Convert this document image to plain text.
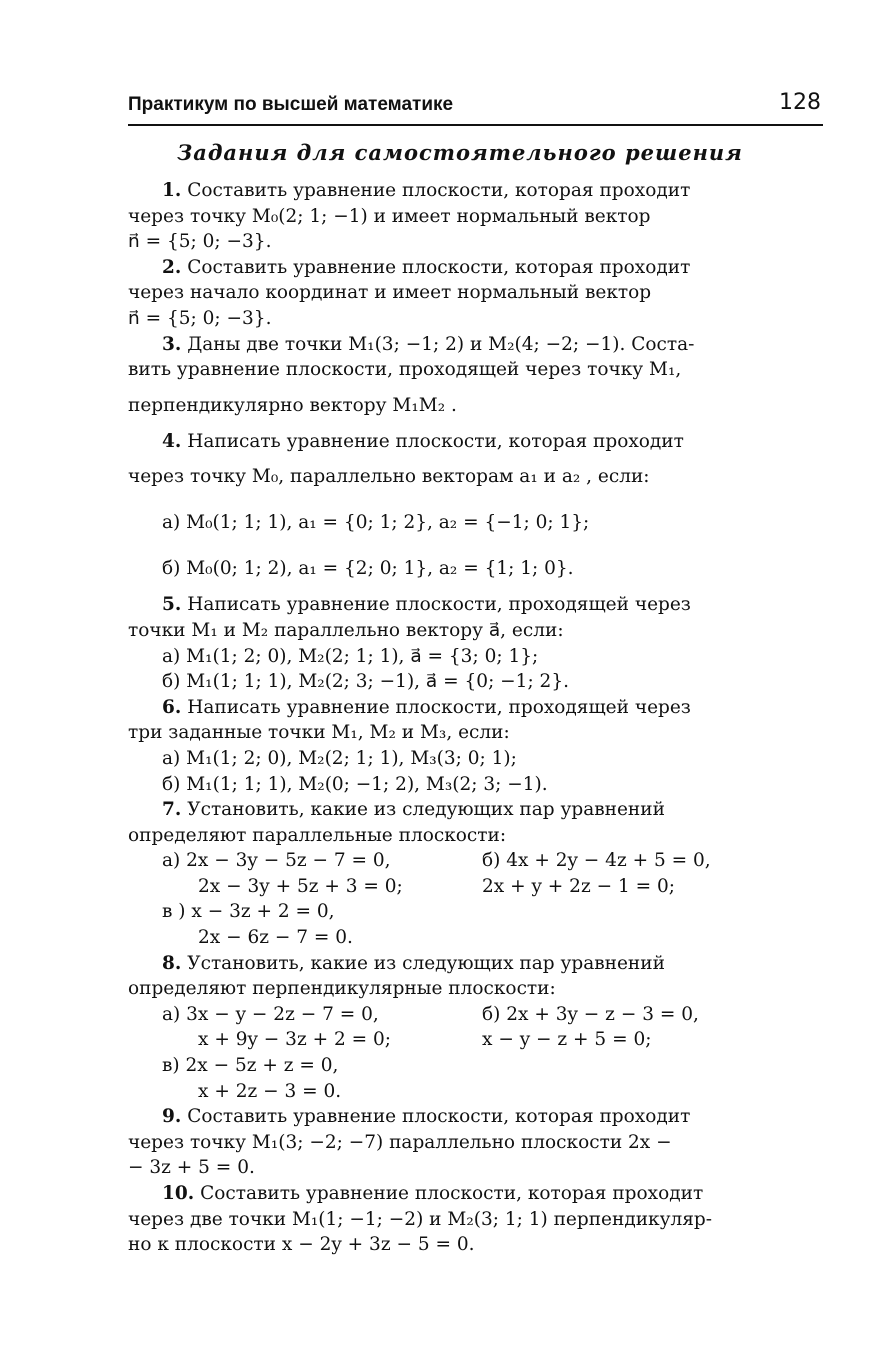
Практикум по высшей математике	128
Задания для самостоятельного решения
1. Составить уравнение плоскости, которая проходит
через точку M₀(2; 1; −1) и имеет нормальный вектор
n⃗ = {5; 0; −3}.
2. Составить уравнение плоскости, которая проходит
через начало координат и имеет нормальный вектор
n⃗ = {5; 0; −3}.
3. Даны две точки M₁(3; −1; 2) и M₂(4; −2; −1). Соста-
вить уравнение плоскости, проходящей через точку M₁,
перпендикулярно вектору M₁M₂ .
4. Написать уравнение плоскости, которая проходит
через точку M₀, параллельно векторам a₁ и a₂ , если:
а) M₀(1; 1; 1), a₁ = {0; 1; 2}, a₂ = {−1; 0; 1};
б) M₀(0; 1; 2), a₁ = {2; 0; 1}, a₂ = {1; 1; 0}.
5. Написать уравнение плоскости, проходящей через
точки M₁ и M₂ параллельно вектору a⃗, если:
а) M₁(1; 2; 0), M₂(2; 1; 1), a⃗ = {3; 0; 1};
б) M₁(1; 1; 1), M₂(2; 3; −1), a⃗ = {0; −1; 2}.
6. Написать уравнение плоскости, проходящей через
три заданные точки M₁, M₂ и M₃, если:
а) M₁(1; 2; 0), M₂(2; 1; 1), M₃(3; 0; 1);
б) M₁(1; 1; 1), M₂(0; −1; 2), M₃(2; 3; −1).
7. Установить, какие из следующих пар уравнений
определяют параллельные плоскости:
а) 2x − 3y − 5z − 7 = 0,	б) 4x + 2y − 4z + 5 = 0,
2x − 3y + 5z + 3 = 0;	2x + y + 2z − 1 = 0;
в ) x − 3z + 2 = 0,
2x − 6z − 7 = 0.
8. Установить, какие из следующих пар уравнений
определяют перпендикулярные плоскости:
а) 3x − y − 2z − 7 = 0,	б) 2x + 3y − z − 3 = 0,
x + 9y − 3z + 2 = 0;	x − y − z + 5 = 0;
в) 2x − 5z + z = 0,
x + 2z − 3 = 0.
9. Составить уравнение плоскости, которая проходит
через точку M₁(3; −2; −7) параллельно плоскости 2x −
− 3z + 5 = 0.
10. Составить уравнение плоскости, которая проходит
через две точки M₁(1; −1; −2) и M₂(3; 1; 1) перпендикуляр-
но к плоскости x − 2y + 3z − 5 = 0.
